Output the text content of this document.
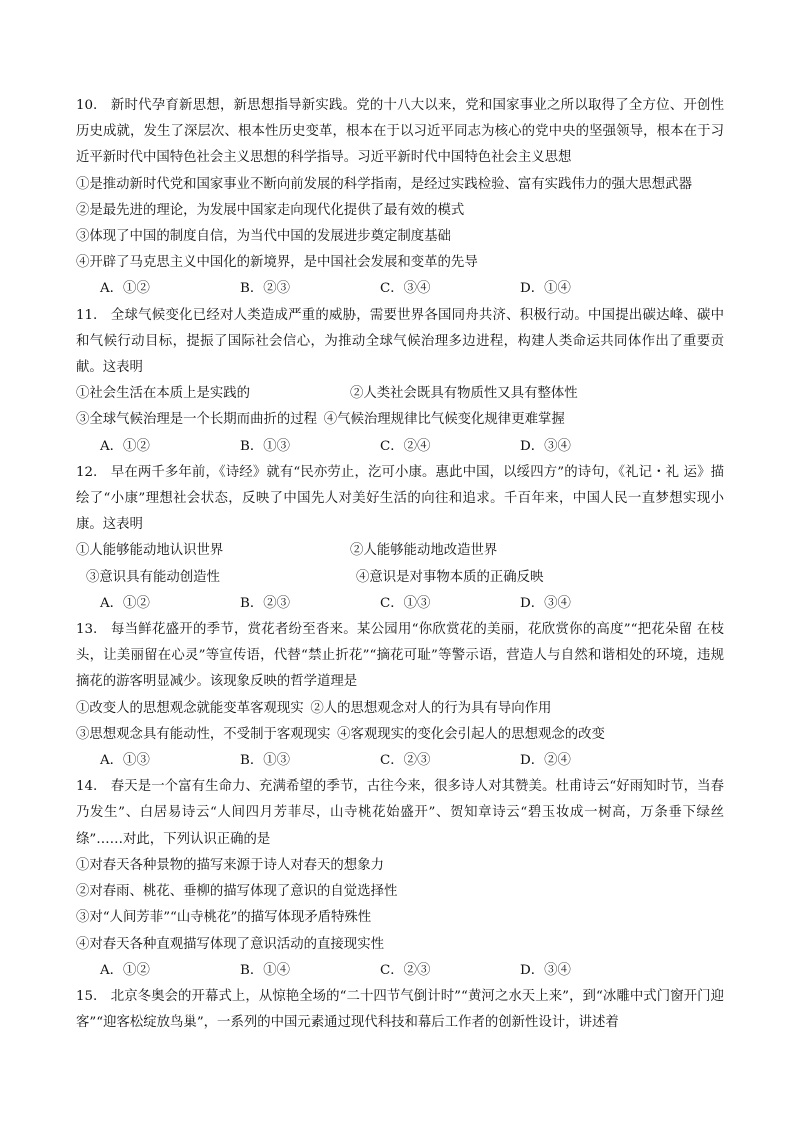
10. 新时代孕育新思想，新思想指导新实践。党的十八大以来，党和国家事业之所以取得了全方位、开创性历史成就，发生了深层次、根本性历史变革，根本在于以习近平同志为核心的党中央的坚强领导，根本在于习近平新时代中国特色社会主义思想的科学指导。习近平新时代中国特色社会主义思想
①是推动新时代党和国家事业不断向前发展的科学指南，是经过实践检验、富有实践伟力的强大思想武器
②是最先进的理论，为发展中国家走向现代化提供了最有效的模式
③体现了中国的制度自信，为当代中国的发展进步奠定制度基础
④开辟了马克思主义中国化的新境界，是中国社会发展和变革的先导
A．①②	B．②③	C．③④	D．①④
11. 全球气候变化已经对人类造成严重的威胁，需要世界各国同舟共济、积极行动。中国提出碳达峰、碳中和气候行动目标，提振了国际社会信心，为推动全球气候治理多边进程，构建人类命运共同体作出了重要贡献。这表明
①社会生活在本质上是实践的	②人类社会既具有物质性又具有整体性
③全球气候治理是一个长期而曲折的过程 ④气候治理规律比气候变化规律更难掌握
A．①②	B．①③	C．②④	D．③④
12. 早在两千多年前，《诗经》就有“民亦劳止，汔可小康。惠此中国，以绥四方”的诗句，《礼记・礼 运》描绘了“小康”理想社会状态，反映了中国先人对美好生活的向往和追求。千百年来，中国人民一直梦想实现小康。这表明
①人能够能动地认识世界	②人能够能动地改造世界
③意识具有能动创造性	④意识是对事物本质的正确反映
A．①②	B．②③	C．①③	D．③④
13. 每当鲜花盛开的季节，赏花者纷至沓来。某公园用“你欣赏花的美丽，花欣赏你的高度”“把花朵留 在枝头，让美丽留在心灵”等宣传语，代替“禁止折花”“摘花可耻”等警示语，营造人与自然和谐相处的环境，违规摘花的游客明显减少。该现象反映的哲学道理是
①改变人的思想观念就能变革客观现实 ②人的思想观念对人的行为具有导向作用
③思想观念具有能动性，不受制于客观现实 ④客观现实的变化会引起人的思想观念的改变
A．①③	B．①③	C．②③	D．②④
14. 春天是一个富有生命力、充满希望的季节，古往今来，很多诗人对其赞美。杜甫诗云“好雨知时节，当春乃发生”、白居易诗云“人间四月芳菲尽，山寺桃花始盛开”、贺知章诗云“碧玉妆成一树高，万条垂下绿丝绦”……对此，下列认识正确的是
①对春天各种景物的描写来源于诗人对春天的想象力
②对春雨、桃花、垂柳的描写体现了意识的自觉选择性
③对“人间芳菲”“山寺桃花”的描写体现矛盾特殊性
④对春天各种直观描写体现了意识活动的直接现实性
A．①②	B．①④	C．②③	D．③④
15. 北京冬奥会的开幕式上，从惊艳全场的“二十四节气倒计时”“黄河之水天上来”，到“冰雕中式门窗开门迎客”“迎客松绽放鸟巢”，一系列的中国元素通过现代科技和幕后工作者的创新性设计，讲述着
